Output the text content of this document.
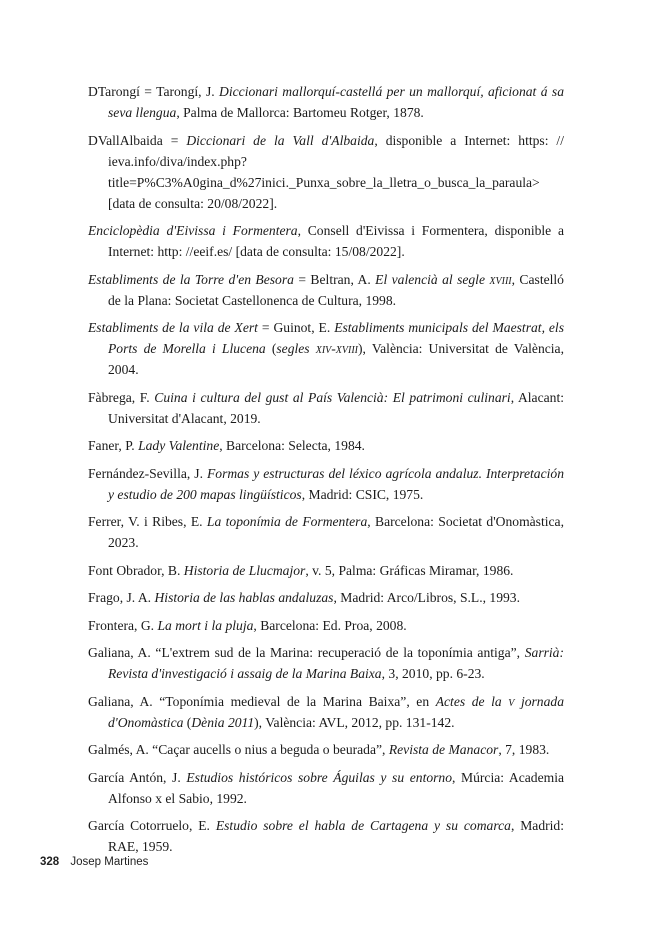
DTarongí = Tarongí, J. Diccionari mallorquí-castellá per un mallorquí, aficionat á sa seva llengua, Palma de Mallorca: Bartomeu Rotger, 1878.

DVallAlbaida = Diccionari de la Vall d'Albaida, disponible a Internet: https: // ieva.info/diva/index.php?title=P%C3%A0gina_d%27inici._Punxa_sobre_la_lletra_o_busca_la_paraula> [data de consulta: 20/08/2022].

Enciclopèdia d'Eivissa i Formentera, Consell d'Eivissa i Formentera, disponible a Internet: http: //eeif.es/ [data de consulta: 15/08/2022].

Establiments de la Torre d'en Besora = Beltran, A. El valencià al segle xviii, Castelló de la Plana: Societat Castellonenca de Cultura, 1998.

Establiments de la vila de Xert = Guinot, E. Establiments municipals del Maestrat, els Ports de Morella i Llucena (segles xiv-xviii), València: Universitat de València, 2004.

Fàbrega, F. Cuina i cultura del gust al País Valencià: El patrimoni culinari, Alacant: Universitat d'Alacant, 2019.

Faner, P. Lady Valentine, Barcelona: Selecta, 1984.

Fernández-Sevilla, J. Formas y estructuras del léxico agrícola andaluz. Interpretación y estudio de 200 mapas lingüísticos, Madrid: CSIC, 1975.

Ferrer, V. i Ribes, E. La toponímia de Formentera, Barcelona: Societat d'Onomàstica, 2023.

Font Obrador, B. Historia de Llucmajor, v. 5, Palma: Gráficas Miramar, 1986.

Frago, J. A. Historia de las hablas andaluzas, Madrid: Arco/Libros, S.L., 1993.

Frontera, G. La mort i la pluja, Barcelona: Ed. Proa, 2008.

Galiana, A. “L'extrem sud de la Marina: recuperació de la toponímia antiga”, Sarrià: Revista d'investigació i assaig de la Marina Baixa, 3, 2010, pp. 6-23.

Galiana, A. “Toponímia medieval de la Marina Baixa”, en Actes de la v jornada d'Onomàstica (Dènia 2011), València: AVL, 2012, pp. 131-142.

Galmés, A. “Caçar aucells o nius a beguda o beurada”, Revista de Manacor, 7, 1983.

García Antón, J. Estudios históricos sobre Águilas y su entorno, Múrcia: Academia Alfonso x el Sabio, 1992.

García Cotorruelo, E. Estudio sobre el habla de Cartagena y su comarca, Madrid: RAE, 1959.

328 Josep Martines
